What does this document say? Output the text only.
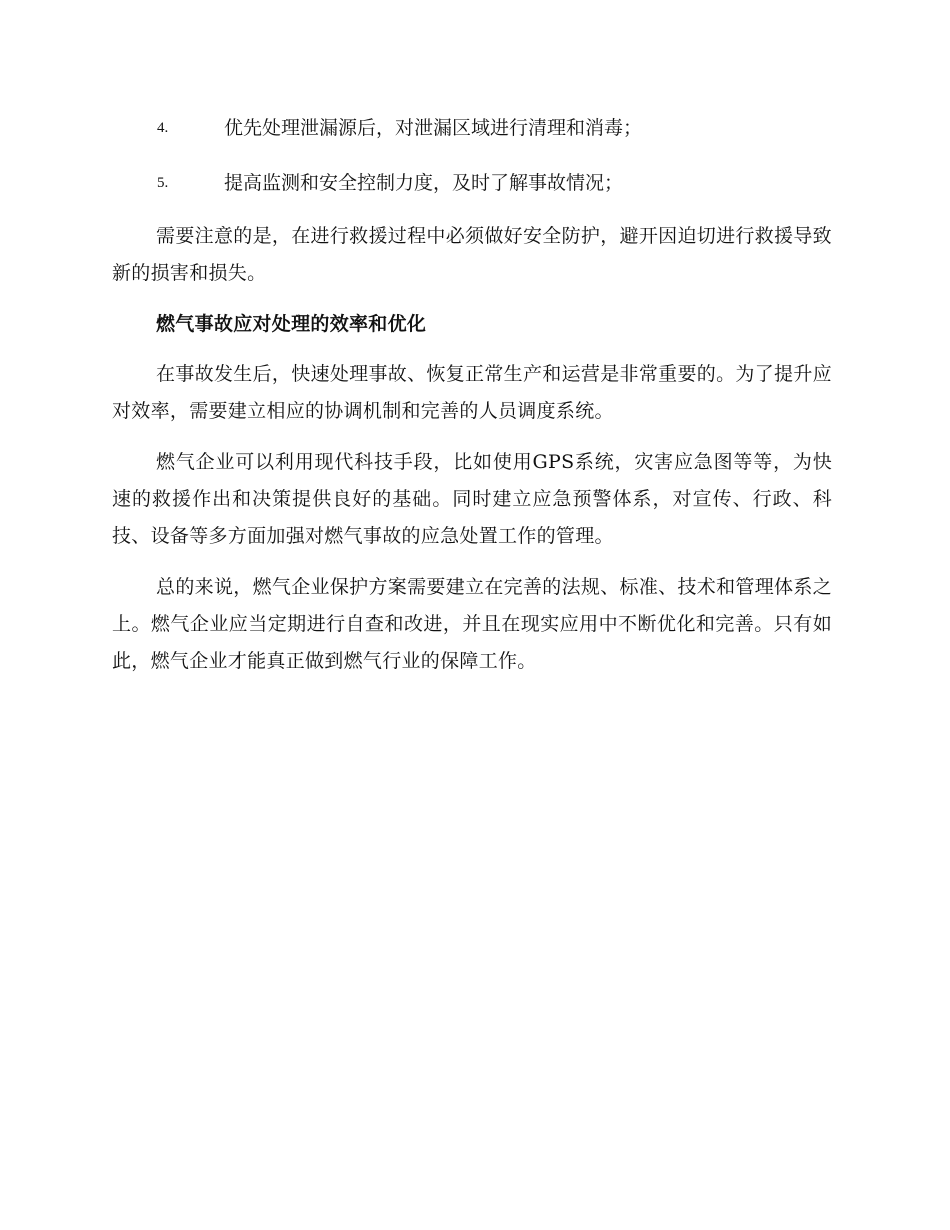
4.	优先处理泄漏源后，对泄漏区域进行清理和消毒；
5.	提高监测和安全控制力度，及时了解事故情况；

需要注意的是，在进行救援过程中必须做好安全防护，避开因迫切进行救援导致新的损害和损失。

燃气事故应对处理的效率和优化

在事故发生后，快速处理事故、恢复正常生产和运营是非常重要的。为了提升应对效率，需要建立相应的协调机制和完善的人员调度系统。

燃气企业可以利用现代科技手段，比如使用GPS系统，灾害应急图等等，为快速的救援作出和决策提供良好的基础。同时建立应急预警体系，对宣传、行政、科技、设备等多方面加强对燃气事故的应急处置工作的管理。

总的来说，燃气企业保护方案需要建立在完善的法规、标准、技术和管理体系之上。燃气企业应当定期进行自查和改进，并且在现实应用中不断优化和完善。只有如此，燃气企业才能真正做到燃气行业的保障工作。
